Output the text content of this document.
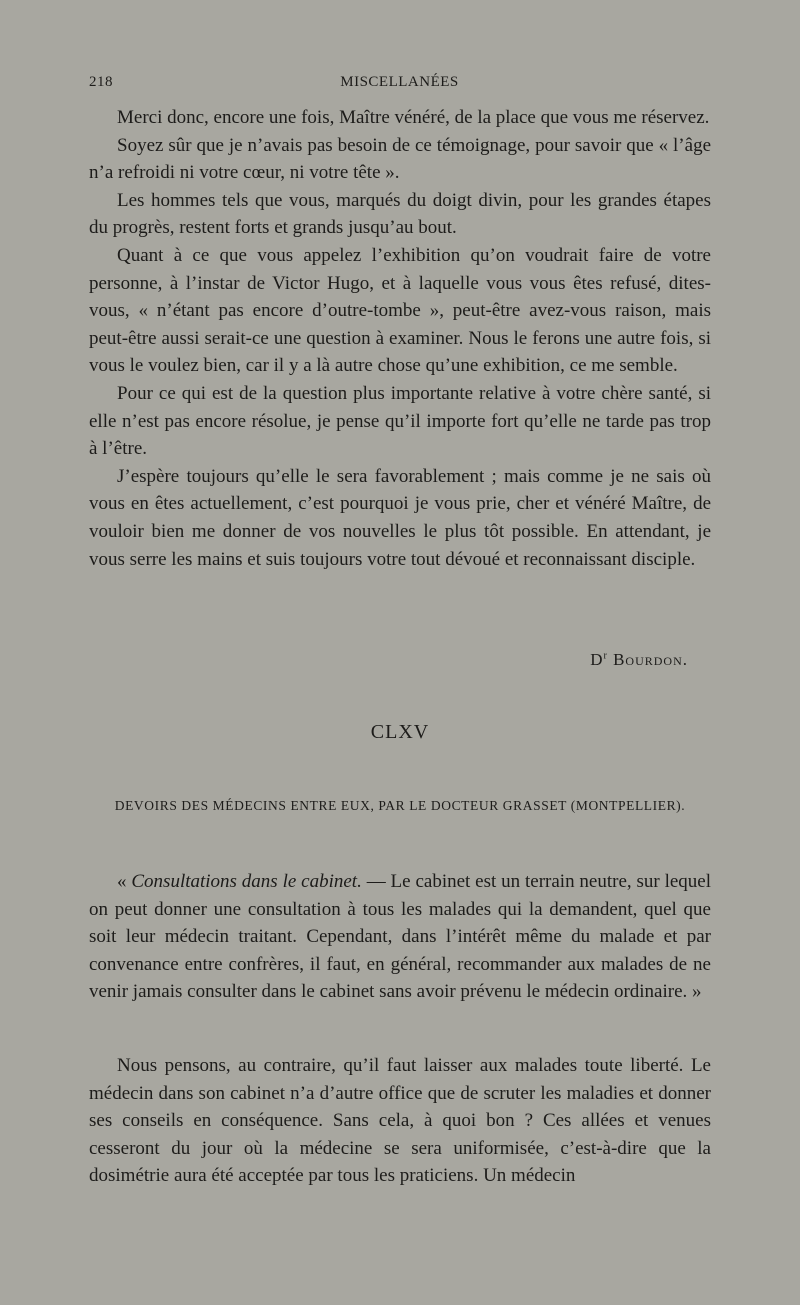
218	MISCELLANÉES

Merci donc, encore une fois, Maître vénéré, de la place que vous me réservez.

Soyez sûr que je n’avais pas besoin de ce témoignage, pour savoir que « l’âge n’a refroidi ni votre cœur, ni votre tête ».

Les hommes tels que vous, marqués du doigt divin, pour les grandes étapes du progrès, restent forts et grands jusqu’au bout.

Quant à ce que vous appelez l’exhibition qu’on voudrait faire de votre personne, à l’instar de Victor Hugo, et à laquelle vous vous êtes refusé, dites-vous, « n’étant pas encore d’outre-tombe », peut-être avez-vous raison, mais peut-être aussi serait-ce une question à examiner. Nous le ferons une autre fois, si vous le voulez bien, car il y a là autre chose qu’une exhibition, ce me semble.

Pour ce qui est de la question plus importante relative à votre chère santé, si elle n’est pas encore résolue, je pense qu’il importe fort qu’elle ne tarde pas trop à l’être.

J’espère toujours qu’elle le sera favorablement ; mais comme je ne sais où vous en êtes actuellement, c’est pourquoi je vous prie, cher et vénéré Maître, de vouloir bien me donner de vos nouvelles le plus tôt possible. En attendant, je vous serre les mains et suis toujours votre tout dévoué et reconnaissant disciple.

$D^r$ Bourdon.
CLXV
DEVOIRS DES MÉDECINS ENTRE EUX, PAR LE DOCTEUR GRASSET (MONTPELLIER).

« Consultations dans le cabinet. — Le cabinet est un terrain neutre, sur lequel on peut donner une consultation à tous les malades qui la demandent, quel que soit leur médecin traitant. Cependant, dans l’intérêt même du malade et par convenance entre confrères, il faut, en général, recommander aux malades de ne venir jamais consulter dans le cabinet sans avoir prévenu le médecin ordinaire. »

Nous pensons, au contraire, qu’il faut laisser aux malades toute liberté. Le médecin dans son cabinet n’a d’autre office que de scruter les maladies et donner ses conseils en conséquence. Sans cela, à quoi bon ? Ces allées et venues cesseront du jour où la médecine se sera uniformisée, c’est-à-dire que la dosimétrie aura été acceptée par tous les praticiens. Un médecin
